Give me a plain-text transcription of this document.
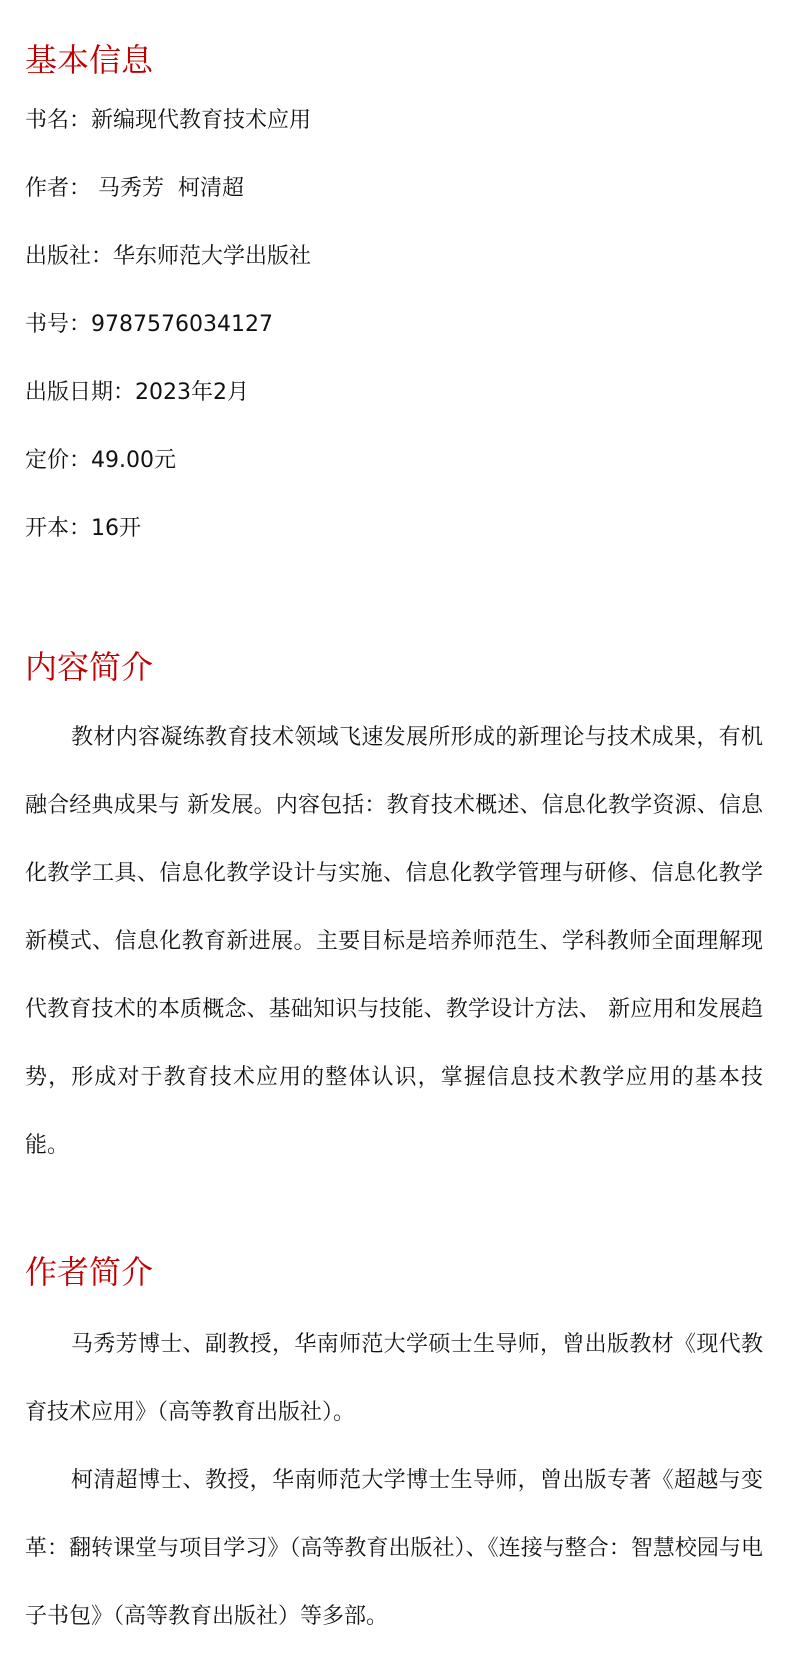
基本信息
书名：新编现代教育技术应用
作者： 马秀芳  柯清超
出版社：华东师范大学出版社
书号：9787576034127
出版日期：2023年2月
定价：49.00元
开本：16开
内容简介

教材内容凝练教育技术领域飞速发展所形成的新理论与技术成果，有机融合经典成果与 新发展。内容包括：教育技术概述、信息化教学资源、信息化教学工具、信息化教学设计与实施、信息化教学管理与研修、信息化教学新模式、信息化教育新进展。主要目标是培养师范生、学科教师全面理解现代教育技术的本质概念、基础知识与技能、教学设计方法、 新应用和发展趋势，形成对于教育技术应用的整体认识，掌握信息技术教学应用的基本技能。

作者简介

马秀芳博士、副教授，华南师范大学硕士生导师，曾出版教材《现代教育技术应用》（高等教育出版社）。

柯清超博士、教授，华南师范大学博士生导师，曾出版专著《超越与变革：翻转课堂与项目学习》（高等教育出版社）、《连接与整合：智慧校园与电子书包》（高等教育出版社）等多部。
